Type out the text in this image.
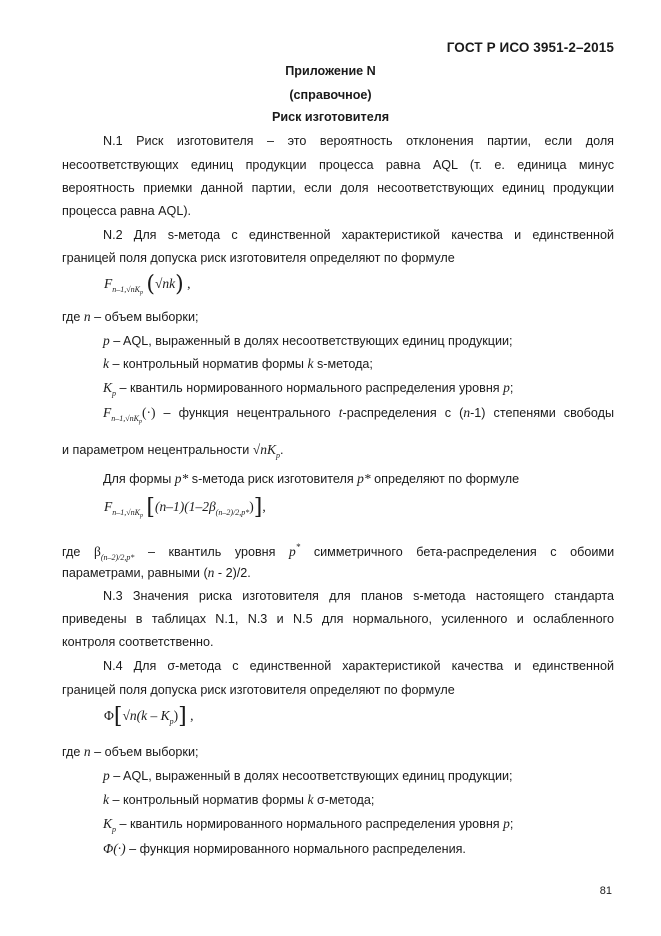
ГОСТ Р ИСО 3951-2–2015
Приложение N
(справочное)
Риск изготовителя
N.1 Риск изготовителя – это вероятность отклонения партии, если доля
несоответствующих единиц продукции процесса равна AQL (т. е. единица минус
вероятность приемки данной партии, если доля несоответствующих единиц продукции
процесса равна AQL).
N.2 Для s-метода с единственной характеристикой качества и единственной
границей поля допуска риск изготовителя определяют по формуле
$F_{n-1,√nKp}$ (√nk) ,
где n – объем выборки;
p – AQL, выраженный в долях несоответствующих единиц продукции;
k – контрольный норматив формы k s-метода;
$K_p$ – квантиль нормированного нормального распределения уровня p;
$F_{n-1,√nKp}(\cdot)$ – функция нецентрального t-распределения с (n-1) степенями свободы
и параметром нецентральности $√nK_p$.
Для формы p* s-метода риск изготовителя p* определяют по формуле
$F_{n-1,√nKp}$ $[(n-1)(1-2\beta_{(n-2)/2,p*})]$,
где $\beta_{(n-2)/2,p*}$ – квантиль уровня p* симметричного бета-распределения с обоими
параметрами, равными (n - 2)/2.
N.3 Значения риска изготовителя для планов s-метода настоящего стандарта
приведены в таблицах N.1, N.3 и N.5 для нормального, усиленного и ослабленного
контроля соответственно.
N.4 Для σ-метода с единственной характеристикой качества и единственной
границей поля допуска риск изготовителя определяют по формуле
$\Phi[√n(k - K_p)]$ ,
где n – объем выборки;
p – AQL, выраженный в долях несоответствующих единиц продукции;
k – контрольный норматив формы k σ-метода;
$K_p$ – квантиль нормированного нормального распределения уровня p;
Φ(·) – функция нормированного нормального распределения.
81
